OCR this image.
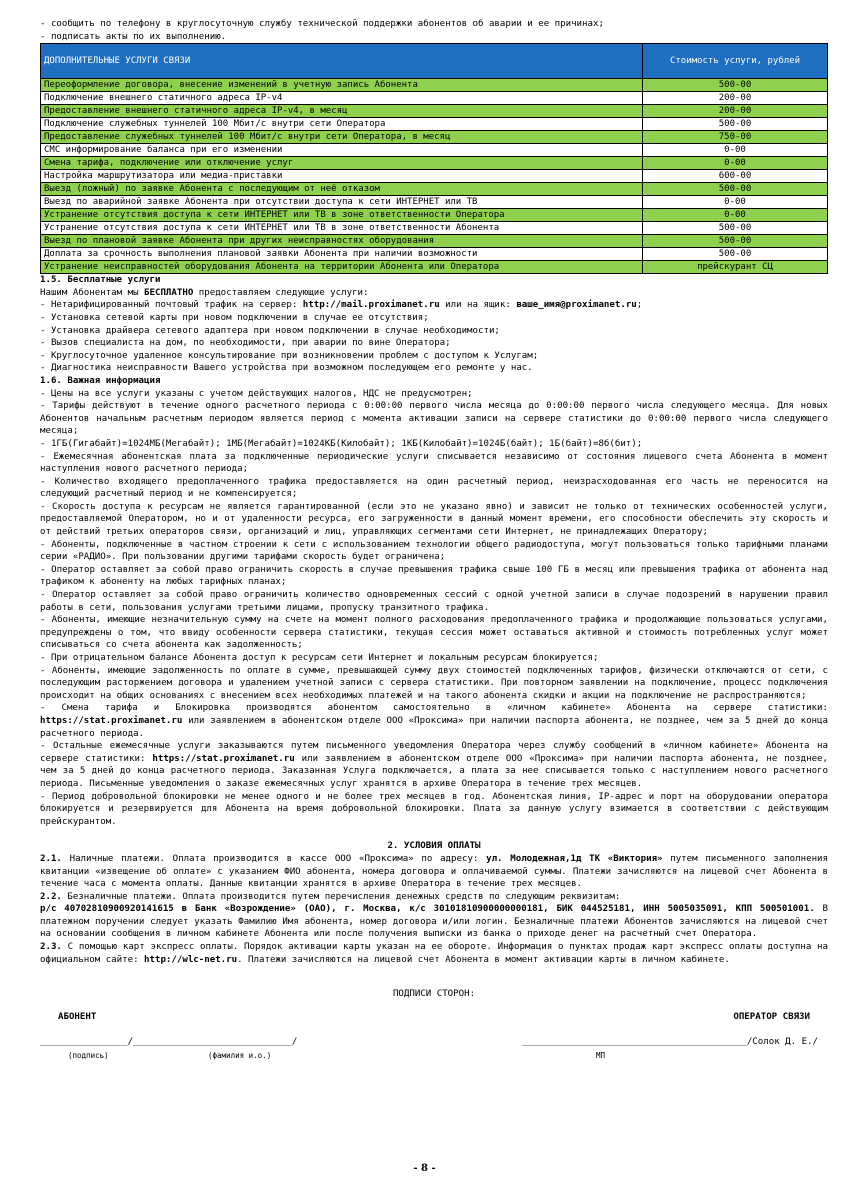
- сообщить по телефону в круглосуточную службу технической поддержки абонентов об аварии и ее причинах;
- подписать акты по их выполнению.
ДОПОЛНИТЕЛЬНЫЕ УСЛУГИ СВЯЗИ	Стоимость услуги, рублей
Переоформление договора, внесение изменений в учетную запись Абонента	500-00
Подключение внешнего статичного адреса IP-v4	200-00
Предоставление внешнего статичного адреса IP-v4, в месяц	200-00
Подключение служебных туннелей 100 Мбит/с внутри сети Оператора	500-00
Предоставление служебных туннелей 100 Мбит/с внутри сети Оператора, в месяц	750-00
СМС информирование баланса при его изменении	0-00
Смена тарифа, подключение или отключение услуг	0-00
Настройка маршрутизатора или медиа-приставки	600-00
Выезд (ложный) по заявке Абонента с последующим от неё отказом	500-00
Выезд по аварийной заявке Абонента при отсутствии доступа к сети ИНТЕРНЕТ или ТВ	0-00
Устранение отсутствия доступа к сети ИНТЕРНЕТ или ТВ в зоне ответственности Оператора	0-00
Устранение отсутствия доступа к сети ИНТЕРНЕТ или ТВ в зоне ответственности Абонента	500-00
Выезд по плановой заявке Абонента при других неисправностях оборудования	500-00
Доплата за срочность выполнения плановой заявки Абонента при наличии возможности	500-00
Устранение неисправностей оборудования Абонента на территории Абонента или Оператора	прейскурант СЦ
1.5. Бесплатные услуги
Нашим Абонентам мы БЕСПЛАТНО предоставляем следующие услуги:
- Нетарифицированный почтовый трафик на сервер: http://mail.proximanet.ru или на ящик: ваше_имя@proximanet.ru;
- Установка сетевой карты при новом подключении в случае ее отсутствия;
- Установка драйвера сетевого адаптера при новом подключении в случае необходимости;
- Вызов специалиста на дом, по необходимости, при аварии по вине Оператора;
- Круглосуточное удаленное консультирование при возникновении проблем с доступом к Услугам;
- Диагностика неисправности Вашего устройства при возможном последующем его ремонте у нас.
1.6. Важная информация
- Цены на все услуги указаны с учетом действующих налогов, НДС не предусмотрен;
- Тарифы действуют в течение одного расчетного периода с 0:00:00 первого числа месяца до 0:00:00 первого числа следующего месяца. Для новых Абонентов начальным расчетным периодом является период с момента активации записи на сервере статистики до 0:00:00 первого числа следующего месяца;
- 1ГБ(Гигабайт)=1024МБ(Мегабайт); 1МБ(Мегабайт)=1024КБ(Килобайт); 1КБ(Килобайт)=1024Б(байт); 1Б(байт)=8б(бит);
- Ежемесячная абонентская плата за подключенные периодические услуги списывается независимо от состояния лицевого счета Абонента в момент наступления нового расчетного периода;
- Количество входящего предоплаченного трафика предоставляется на один расчетный период, неизрасходованная его часть не переносится на следующий расчетный период и не компенсируется;
- Скорость доступа к ресурсам не является гарантированной (если это не указано явно) и зависит не только от технических особенностей услуги, предоставляемой Оператором, но и от удаленности ресурса, его загруженности в данный момент времени, его способности обеспечить эту скорость и от действий третьих операторов связи, организаций и лиц, управляющих сегментами сети Интернет, не принадлежащих Оператору;
- Абоненты, подключенные в частном строении к сети с использованием технологии общего радиодоступа, могут пользоваться только тарифными планами серии «РАДИО». При пользовании другими тарифами скорость будет ограничена;
- Оператор оставляет за собой право ограничить скорость в случае превышения трафика свыше 100 ГБ в месяц или превышения трафика от абонента над трафиком к абоненту на любых тарифных планах;
- Оператор оставляет за собой право ограничить количество одновременных сессий с одной учетной записи в случае подозрений в нарушении правил работы в сети, пользования услугами третьими лицами, пропуску транзитного трафика.
- Абоненты, имеющие незначительную сумму на счете на момент полного расходования предоплаченного трафика и продолжающие пользоваться услугами, предупреждены о том, что ввиду особенности сервера статистики, текущая сессия может оставаться активной и стоимость потребленных услуг может списываться со счета абонента как задолженность;
- При отрицательном балансе Абонента доступ к ресурсам сети Интернет и локальным ресурсам блокируется;
- Абоненты, имеющие задолженность по оплате в сумме, превышающей сумму двух стоимостей подключенных тарифов, физически отключаются от сети, с последующим расторжением договора и удалением учетной записи с сервера статистики. При повторном заявлении на подключение, процесс подключения происходит на общих основаниях с внесением всех необходимых платежей и на такого абонента скидки и акции на подключение не распространяются;
- Смена тарифа и Блокировка производятся абонентом самостоятельно в «личном кабинете» Абонента на сервере статистики: https://stat.proximanet.ru или заявлением в абонентском отделе ООО «Проксима» при наличии паспорта абонента, не позднее, чем за 5 дней до конца расчетного периода.
- Остальные ежемесячные услуги заказываются путем письменного уведомления Оператора через службу сообщений в «личном кабинете» Абонента на сервере статистики: https://stat.proximanet.ru или заявлением в абонентском отделе ООО «Проксима» при наличии паспорта абонента, не позднее, чем за 5 дней до конца расчетного периода. Заказанная Услуга подключается, а плата за нее списывается только с наступлением нового расчетного периода. Письменные уведомления о заказе ежемесячных услуг хранятся в архиве Оператора в течение трех месяцев.
- Период добровольной блокировки не менее одного и не более трех месяцев в год. Абонентская линия, IP-адрес и порт на оборудовании оператора блокируется и резервируется для Абонента на время добровольной блокировки. Плата за данную услугу взимается в соответствии с действующим прейскурантом.
2. УСЛОВИЯ ОПЛАТЫ
2.1. Наличные платежи. Оплата производится в кассе ООО «Проксима» по адресу: ул. Молодежная,1д ТК «Виктория» путем письменного заполнения квитанции «извещение об оплате» с указанием ФИО абонента, номера договора и оплачиваемой суммы. Платежи зачисляются на лицевой счет Абонента в течение часа с момента оплаты. Данные квитанции хранятся в архиве Оператора в течение трех месяцев.
2.2. Безналичные платежи. Оплата производится путем перечисления денежных средств по следующим реквизитам:
р/с 40702810900920141615 в Банк «Возрождение» (ОАО), г. Москва, к/с 30101810900000000181, БИК 044525181, ИНН 5005035091, КПП 500501001. В платежном поручении следует указать Фамилию Имя абонента, номер договора и/или логин. Безналичные платежи Абонентов зачисляются на лицевой счет на основании сообщения в личном кабинете Абонента или после получения выписки из банка о приходе денег на расчетный счет Оператора.
2.3. С помощью карт экспресс оплаты. Порядок активации карты указан на ее обороте. Информация о пунктах продаж карт экспресс оплаты доступна на официальном сайте: http://wlc-net.ru. Платежи зачисляются на лицевой счет Абонента в момент активации карты в личном кабинете.
ПОДПИСИ СТОРОН:
АБОНЕНТ	ОПЕРАТОР СВЯЗИ
________________/_____________________________/	_________________________________________/Солок Д. Е./
(подпись)	(фамилия и.о.)	МП
- 8 -
